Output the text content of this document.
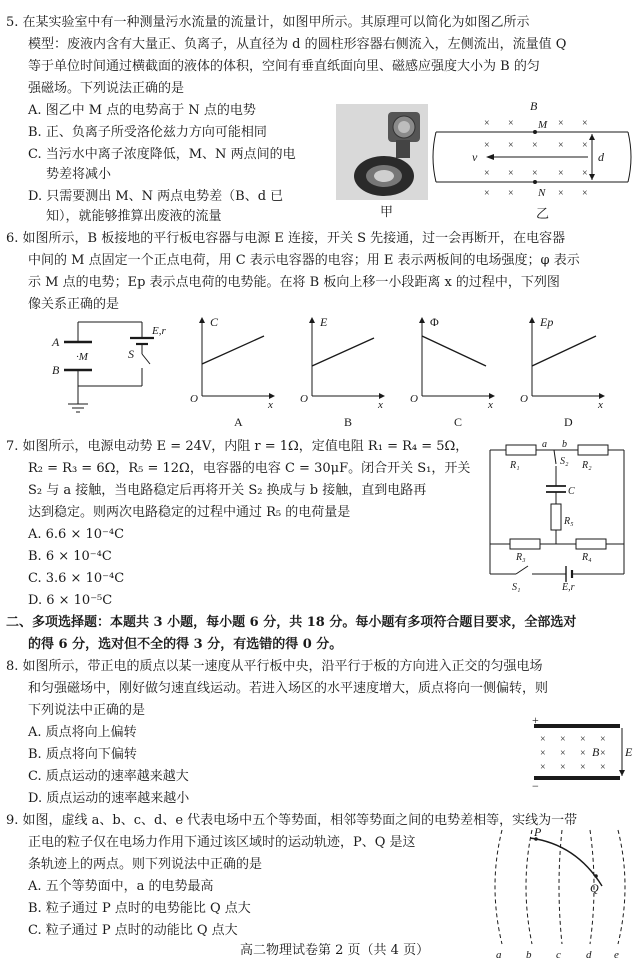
5. 在某实验室中有一种测量污水流量的流量计，如图甲所示。其原理可以简化为如图乙所示
模型：废液内含有大量正、负离子，从直径为 d 的圆柱形容器右侧流入，左侧流出，流量值 Q
等于单位时间通过横截面的液体的体积，空间有垂直纸面向里、磁感应强度大小为 B 的匀
强磁场。下列说法正确的是
A. 图乙中 M 点的电势高于 N 点的电势
B. 正、负离子所受洛伦兹力方向可能相同
C. 当污水中离子浓度降低，M、N 两点间的电
势差将减小
D. 只需要测出 M、N 两点电势差（B、d 已
知），就能够推算出废液的流量	甲
× ×	× ×
× × × × ×
× × × × ×
× ×	× ×
B
M
N
v	d
乙
6. 如图所示，B 板接地的平行板电容器与电源 E 连接，开关 S 先接通，过一会再断开，在电容器
中间的 M 点固定一个正点电荷，用 C 表示电容器的电容；用 E 表示两板间的电场强度；φ 表示
示 M 点的电势；Ep 表示点电荷的电势能。在将 B 板向上移一小段距离 x 的过程中，下列图
像关系正确的是
A
B
·M	S
E,r
C
O	x
A
E
O	x
B
Φ
O	x
C
Ep
O	x
D
7. 如图所示，电源电动势 E = 24V，内阻 r = 1Ω，定值电阻 R₁ = R₄ = 5Ω，
R₂ = R₃ = 6Ω，R₅ = 12Ω，电容器的电容 C = 30μF。闭合开关 S₁，开关
S₂ 与 a 接触，当电路稳定后再将开关 S₂ 换成与 b 接触，直到电路再
达到稳定。则两次电路稳定的过程中通过 R₅ 的电荷量是
A. 6.6 × 10⁻⁴C
B. 6 × 10⁻⁴C
C. 3.6 × 10⁻⁴C
D. 6 × 10⁻⁵C
a b
R₁	R₂
S₂
C
R₅
R₃	R₄
S₁	E,r
二、多项选择题：本题共 3 小题，每小题 6 分，共 18 分。每小题有多项符合题目要求，全部选对
的得 6 分，选对但不全的得 3 分，有选错的得 0 分。
8. 如图所示，带正电的质点以某一速度从平行板中央，沿平行于板的方向进入正交的匀强电场
和匀强磁场中，刚好做匀速直线运动。若进入场区的水平速度增大，质点将向一侧偏转，则
下列说法中正确的是
A. 质点将向上偏转
B. 质点将向下偏转
C. 质点运动的速率越来越大
D. 质点运动的速率越来越小
× × × ×
× × × ×
× × × ×
+
−
B E
9. 如图，虚线 a、b、c、d、e 代表电场中五个等势面，相邻等势面之间的电势差相等，实线为一带
正电的粒子仅在电场力作用下通过该区域时的运动轨迹，P、Q 是这
条轨迹上的两点。则下列说法中正确的是
A. 五个等势面中，a 的电势最高
B. 粒子通过 P 点时的电势能比 Q 点大
C. 粒子通过 P 点时的动能比 Q 点大
P
Q
a b c d e
高二物理试卷第 2 页（共 4 页）
